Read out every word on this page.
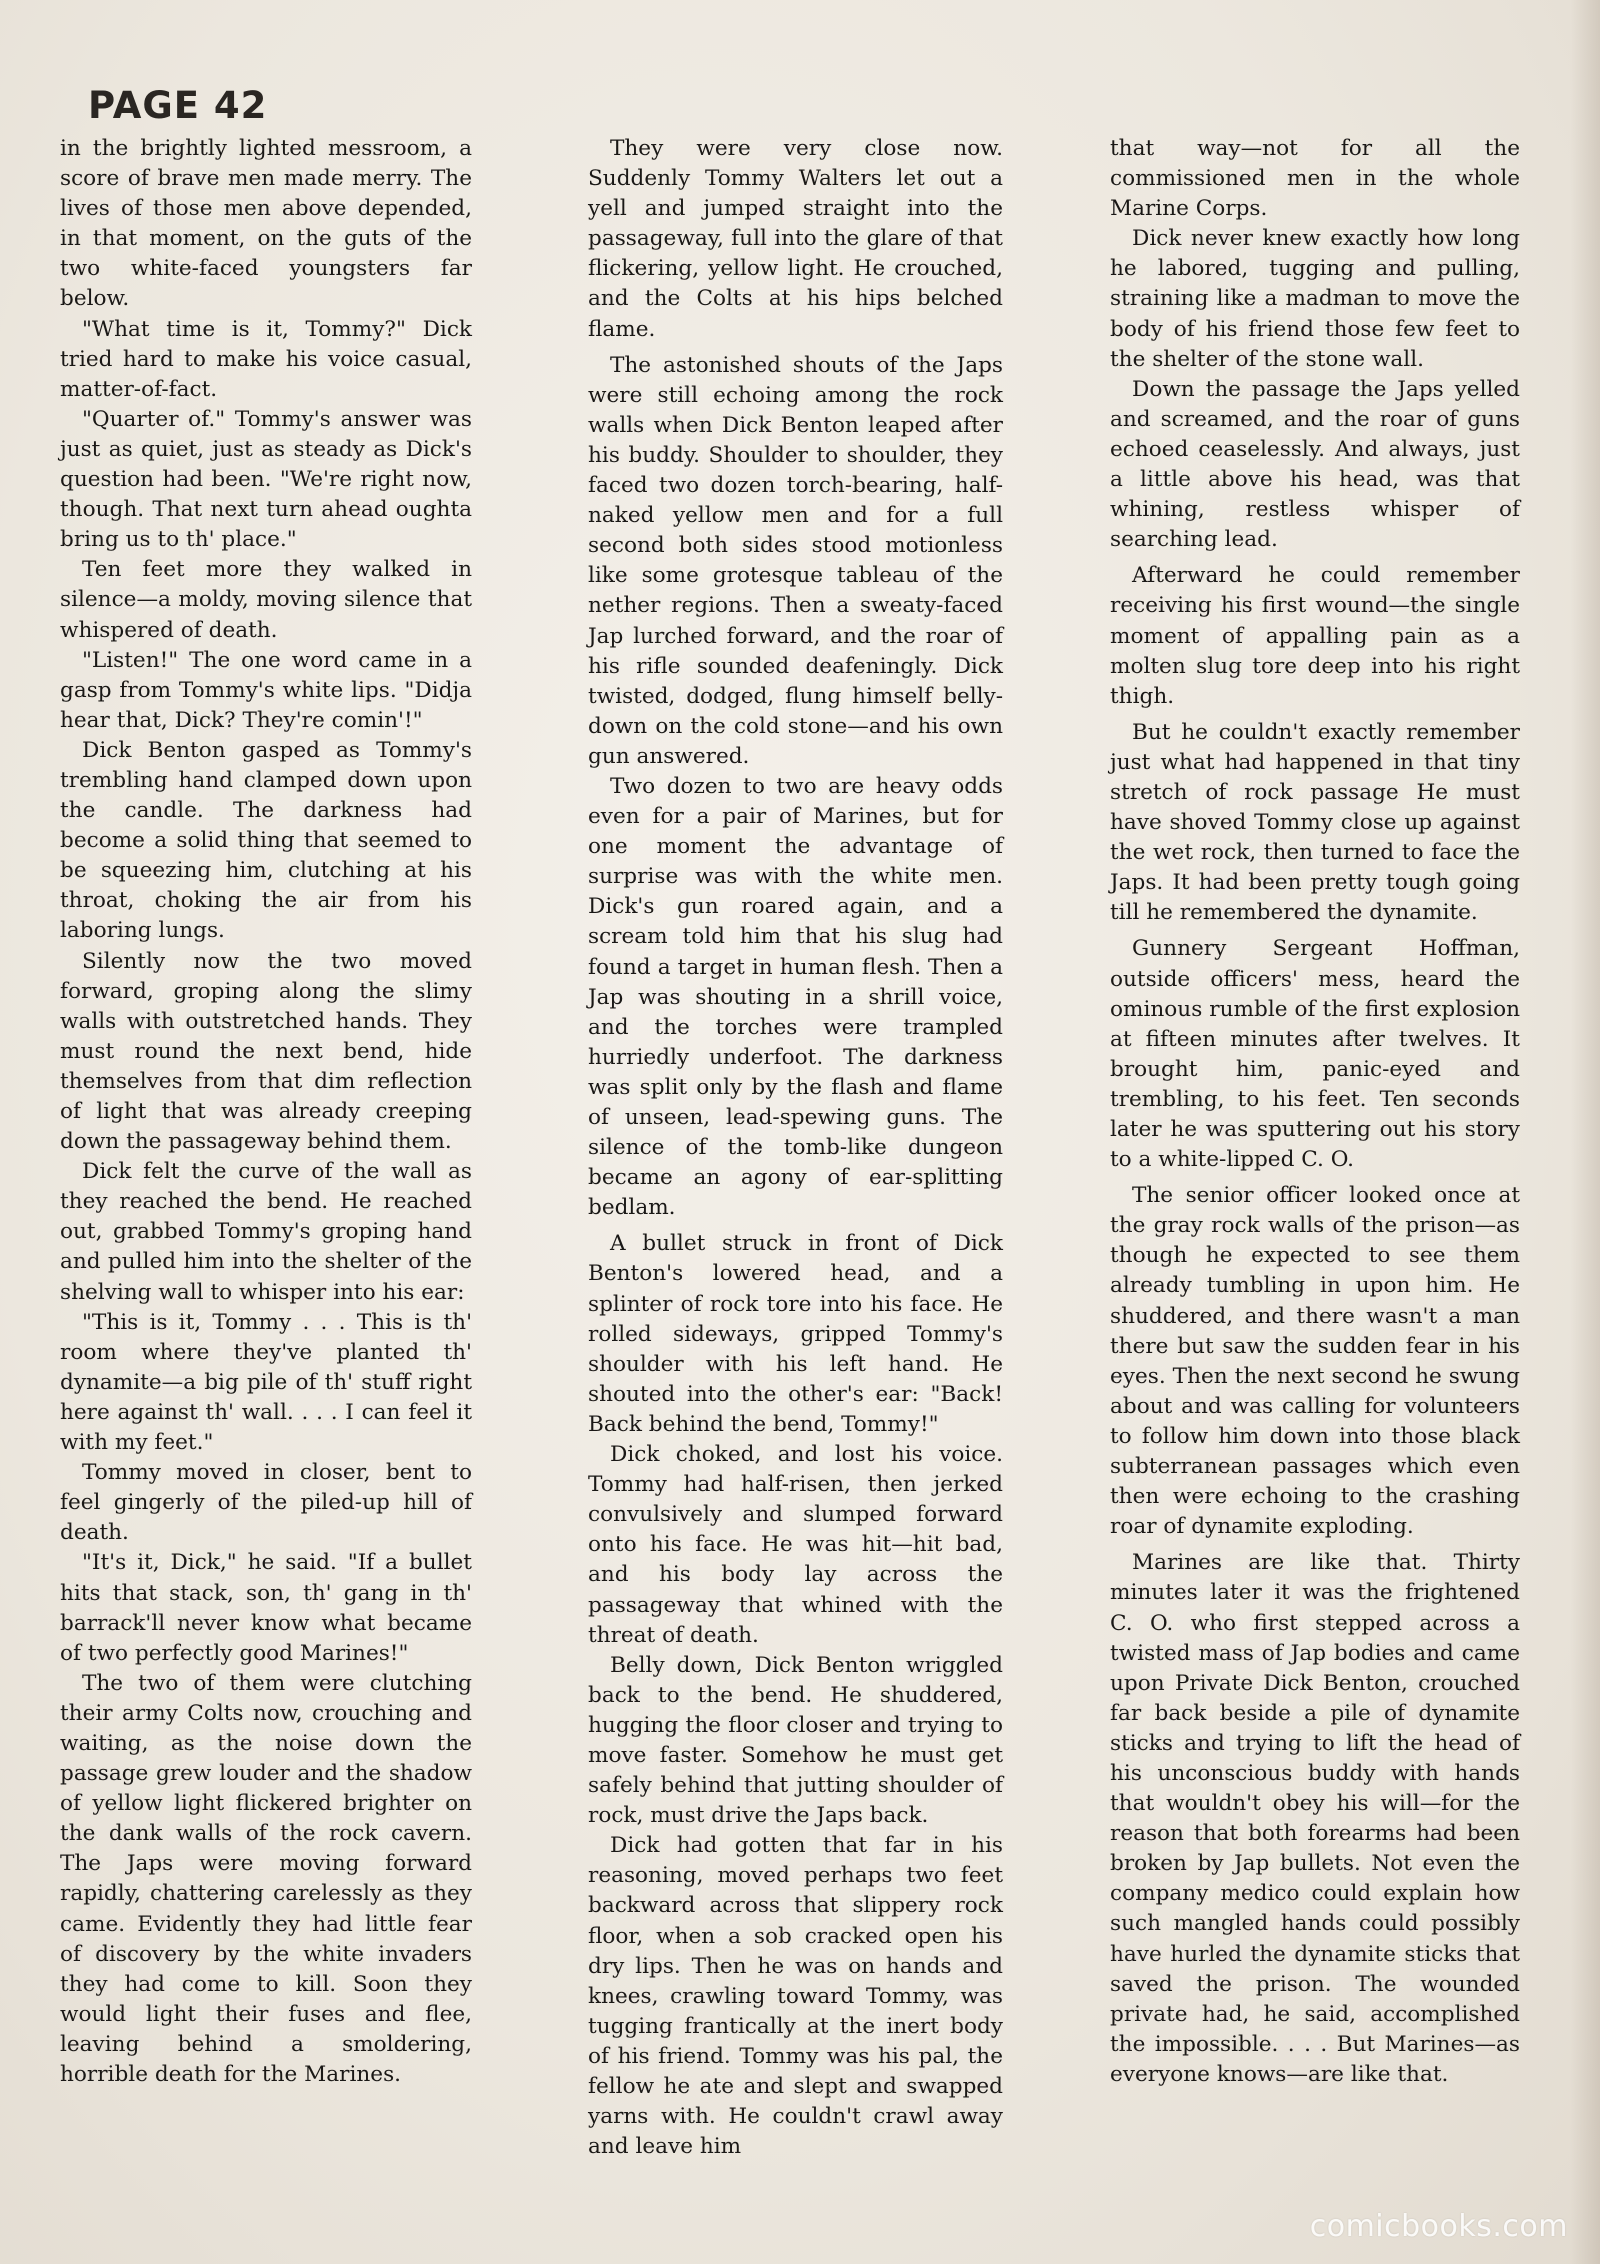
PAGE 42

in the brightly lighted messroom, a score of brave men made merry. The lives of those men above depended, in that moment, on the guts of the two white-faced youngsters far below.

"What time is it, Tommy?" Dick tried hard to make his voice casual, matter-of-fact.

"Quarter of." Tommy's answer was just as quiet, just as steady as Dick's question had been. "We're right now, though. That next turn ahead oughta bring us to th' place."

Ten feet more they walked in silence—a moldy, moving silence that whispered of death.

"Listen!" The one word came in a gasp from Tommy's white lips. "Didja hear that, Dick? They're comin'!"

Dick Benton gasped as Tommy's trembling hand clamped down upon the candle. The darkness had become a solid thing that seemed to be squeezing him, clutching at his throat, choking the air from his laboring lungs.

Silently now the two moved forward, groping along the slimy walls with outstretched hands. They must round the next bend, hide themselves from that dim reflection of light that was already creeping down the passageway behind them.

Dick felt the curve of the wall as they reached the bend. He reached out, grabbed Tommy's groping hand and pulled him into the shelter of the shelving wall to whisper into his ear:

"This is it, Tommy . . . This is th' room where they've planted th' dynamite—a big pile of th' stuff right here against th' wall. . . . I can feel it with my feet."

Tommy moved in closer, bent to feel gingerly of the piled-up hill of death.

"It's it, Dick," he said. "If a bullet hits that stack, son, th' gang in th' barrack'll never know what became of two perfectly good Marines!"

The two of them were clutching their army Colts now, crouching and waiting, as the noise down the passage grew louder and the shadow of yellow light flickered brighter on the dank walls of the rock cavern. The Japs were moving forward rapidly, chattering carelessly as they came. Evidently they had little fear of discovery by the white invaders they had come to kill. Soon they would light their fuses and flee, leaving behind a smoldering, horrible death for the Marines.

They were very close now. Suddenly Tommy Walters let out a yell and jumped straight into the passageway, full into the glare of that flickering, yellow light. He crouched, and the Colts at his hips belched flame.

The astonished shouts of the Japs were still echoing among the rock walls when Dick Benton leaped after his buddy. Shoulder to shoulder, they faced two dozen torch-bearing, half-naked yellow men and for a full second both sides stood motionless like some grotesque tableau of the nether regions. Then a sweaty-faced Jap lurched forward, and the roar of his rifle sounded deafeningly. Dick twisted, dodged, flung himself belly-down on the cold stone—and his own gun answered.

Two dozen to two are heavy odds even for a pair of Marines, but for one moment the advantage of surprise was with the white men. Dick's gun roared again, and a scream told him that his slug had found a target in human flesh. Then a Jap was shouting in a shrill voice, and the torches were trampled hurriedly underfoot. The darkness was split only by the flash and flame of unseen, lead-spewing guns. The silence of the tomb-like dungeon became an agony of ear-splitting bedlam.

A bullet struck in front of Dick Benton's lowered head, and a splinter of rock tore into his face. He rolled sideways, gripped Tommy's shoulder with his left hand. He shouted into the other's ear: "Back! Back behind the bend, Tommy!"

Dick choked, and lost his voice. Tommy had half-risen, then jerked convulsively and slumped forward onto his face. He was hit—hit bad, and his body lay across the passageway that whined with the threat of death.

Belly down, Dick Benton wriggled back to the bend. He shuddered, hugging the floor closer and trying to move faster. Somehow he must get safely behind that jutting shoulder of rock, must drive the Japs back.

Dick had gotten that far in his reasoning, moved perhaps two feet backward across that slippery rock floor, when a sob cracked open his dry lips. Then he was on hands and knees, crawling toward Tommy, was tugging frantically at the inert body of his friend. Tommy was his pal, the fellow he ate and slept and swapped yarns with. He couldn't crawl away and leave him

that way—not for all the commissioned men in the whole Marine Corps.

Dick never knew exactly how long he labored, tugging and pulling, straining like a madman to move the body of his friend those few feet to the shelter of the stone wall.

Down the passage the Japs yelled and screamed, and the roar of guns echoed ceaselessly. And always, just a little above his head, was that whining, restless whisper of searching lead.

Afterward he could remember receiving his first wound—the single moment of appalling pain as a molten slug tore deep into his right thigh.

But he couldn't exactly remember just what had happened in that tiny stretch of rock passage He must have shoved Tommy close up against the wet rock, then turned to face the Japs. It had been pretty tough going till he remembered the dynamite.

Gunnery Sergeant Hoffman, outside officers' mess, heard the ominous rumble of the first explosion at fifteen minutes after twelves. It brought him, panic-eyed and trembling, to his feet. Ten seconds later he was sputtering out his story to a white-lipped C. O.

The senior officer looked once at the gray rock walls of the prison—as though he expected to see them already tumbling in upon him. He shuddered, and there wasn't a man there but saw the sudden fear in his eyes. Then the next second he swung about and was calling for volunteers to follow him down into those black subterranean passages which even then were echoing to the crashing roar of dynamite exploding.

Marines are like that. Thirty minutes later it was the frightened C. O. who first stepped across a twisted mass of Jap bodies and came upon Private Dick Benton, crouched far back beside a pile of dynamite sticks and trying to lift the head of his unconscious buddy with hands that wouldn't obey his will—for the reason that both forearms had been broken by Jap bullets. Not even the company medico could explain how such mangled hands could possibly have hurled the dynamite sticks that saved the prison. The wounded private had, he said, accomplished the impossible. . . . But Marines—as everyone knows—are like that.

comicbooks.com
